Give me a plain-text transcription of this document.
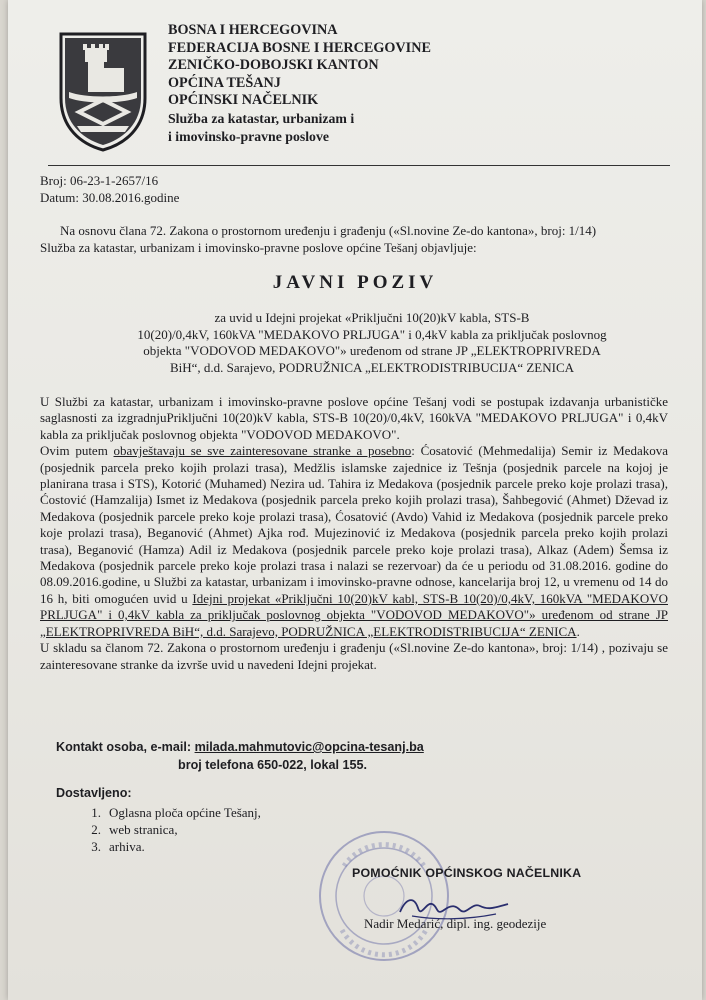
BOSNA I HERCEGOVINA
FEDERACIJA BOSNE I HERCEGOVINE
ZENIČKO-DOBOJSKI KANTON
OPĆINA TEŠANJ
OPĆINSKI NAČELNIK
Služba za katastar, urbanizam i
i imovinsko-pravne poslove
Broj: 06-23-1-2657/16
Datum: 30.08.2016.godine

Na osnovu člana 72. Zakona o prostornom uređenju i građenju («Sl.novine Ze-do kantona», broj: 1/14)

Služba za katastar, urbanizam i imovinsko-pravne poslove općine Tešanj objavljuje:
JAVNI POZIV
za uvid u Idejni projekat «Priključni 10(20)kV kabla, STS-B
10(20)/0,4kV, 160kVA "MEDAKOVO PRLJUGA" i 0,4kV kabla za priključak poslovnog
objekta "VODOVOD MEDAKOVO"» uređenom od strane JP „ELEKTROPRIVREDA
BiH“, d.d. Sarajevo, PODRUŽNICA „ELEKTRODISTRIBUCIJA“ ZENICA

U Službi za katastar, urbanizam i imovinsko-pravne poslove općine Tešanj vodi se postupak izdavanja urbanističke saglasnosti za izgradnjuPriključni 10(20)kV kabla, STS-B 10(20)/0,4kV, 160kVA "MEDAKOVO PRLJUGA" i 0,4kV kabla za priključak poslovnog objekta "VODOVOD MEDAKOVO".

Ovim putem obavještavaju se sve zainteresovane stranke a posebno: Ćosatović (Mehmedalija) Semir iz Medakova (posjednik parcela preko kojih prolazi trasa), Medžlis islamske zajednice iz Tešnja (posjednik parcele na kojoj je planirana trasa i STS), Kotorić (Muhamed) Nezira ud. Tahira iz Medakova (posjednik parcele preko koje prolazi trasa), Ćostović (Hamzalija) Ismet iz Medakova (posjednik parcela preko kojih prolazi trasa), Šahbegović (Ahmet) Dževad iz Medakova (posjednik parcele preko koje prolazi trasa), Ćosatović (Avdo) Vahid iz Medakova (posjednik parcele preko koje prolazi trasa), Beganović (Ahmet) Ajka rođ. Mujezinović iz Medakova (posjednik parcela preko kojih prolazi trasa), Beganović (Hamza) Adil iz Medakova (posjednik parcele preko koje prolazi trasa), Alkaz (Adem) Šemsa iz Medakova (posjednik parcele preko koje prolazi trasa i nalazi se rezervoar) da će u periodu od 31.08.2016. godine do 08.09.2016.godine, u Službi za katastar, urbanizam i imovinsko-pravne odnose, kancelarija broj 12, u vremenu od 14 do 16 h, biti omogućen uvid u Idejni projekat «Priključni 10(20)kV kabl, STS-B 10(20)/0,4kV, 160kVA "MEDAKOVO PRLJUGA" i 0,4kV kabla za priključak poslovnog objekta "VODOVOD MEDAKOVO"» uređenom od strane JP „ELEKTROPRIVREDA BiH“, d.d. Sarajevo, PODRUŽNICA „ELEKTRODISTRIBUCIJA“ ZENICA.

U skladu sa članom 72. Zakona o prostornom uređenju i građenju («Sl.novine Ze-do kantona», broj: 1/14) , pozivaju se zainteresovane stranke da izvrše uvid u navedeni Idejni projekat.

Kontakt osoba, e-mail: milada.mahmutovic@opcina-tesanj.ba
broj telefona 650-022, lokal 155.
Dostavljeno:
1. Oglasna ploča općine Tešanj,
2. web stranica,
3. arhiva.
POMOĆNIK OPĆINSKOG NAČELNIKA
Nadir Medarić, dipl. ing. geodezije
